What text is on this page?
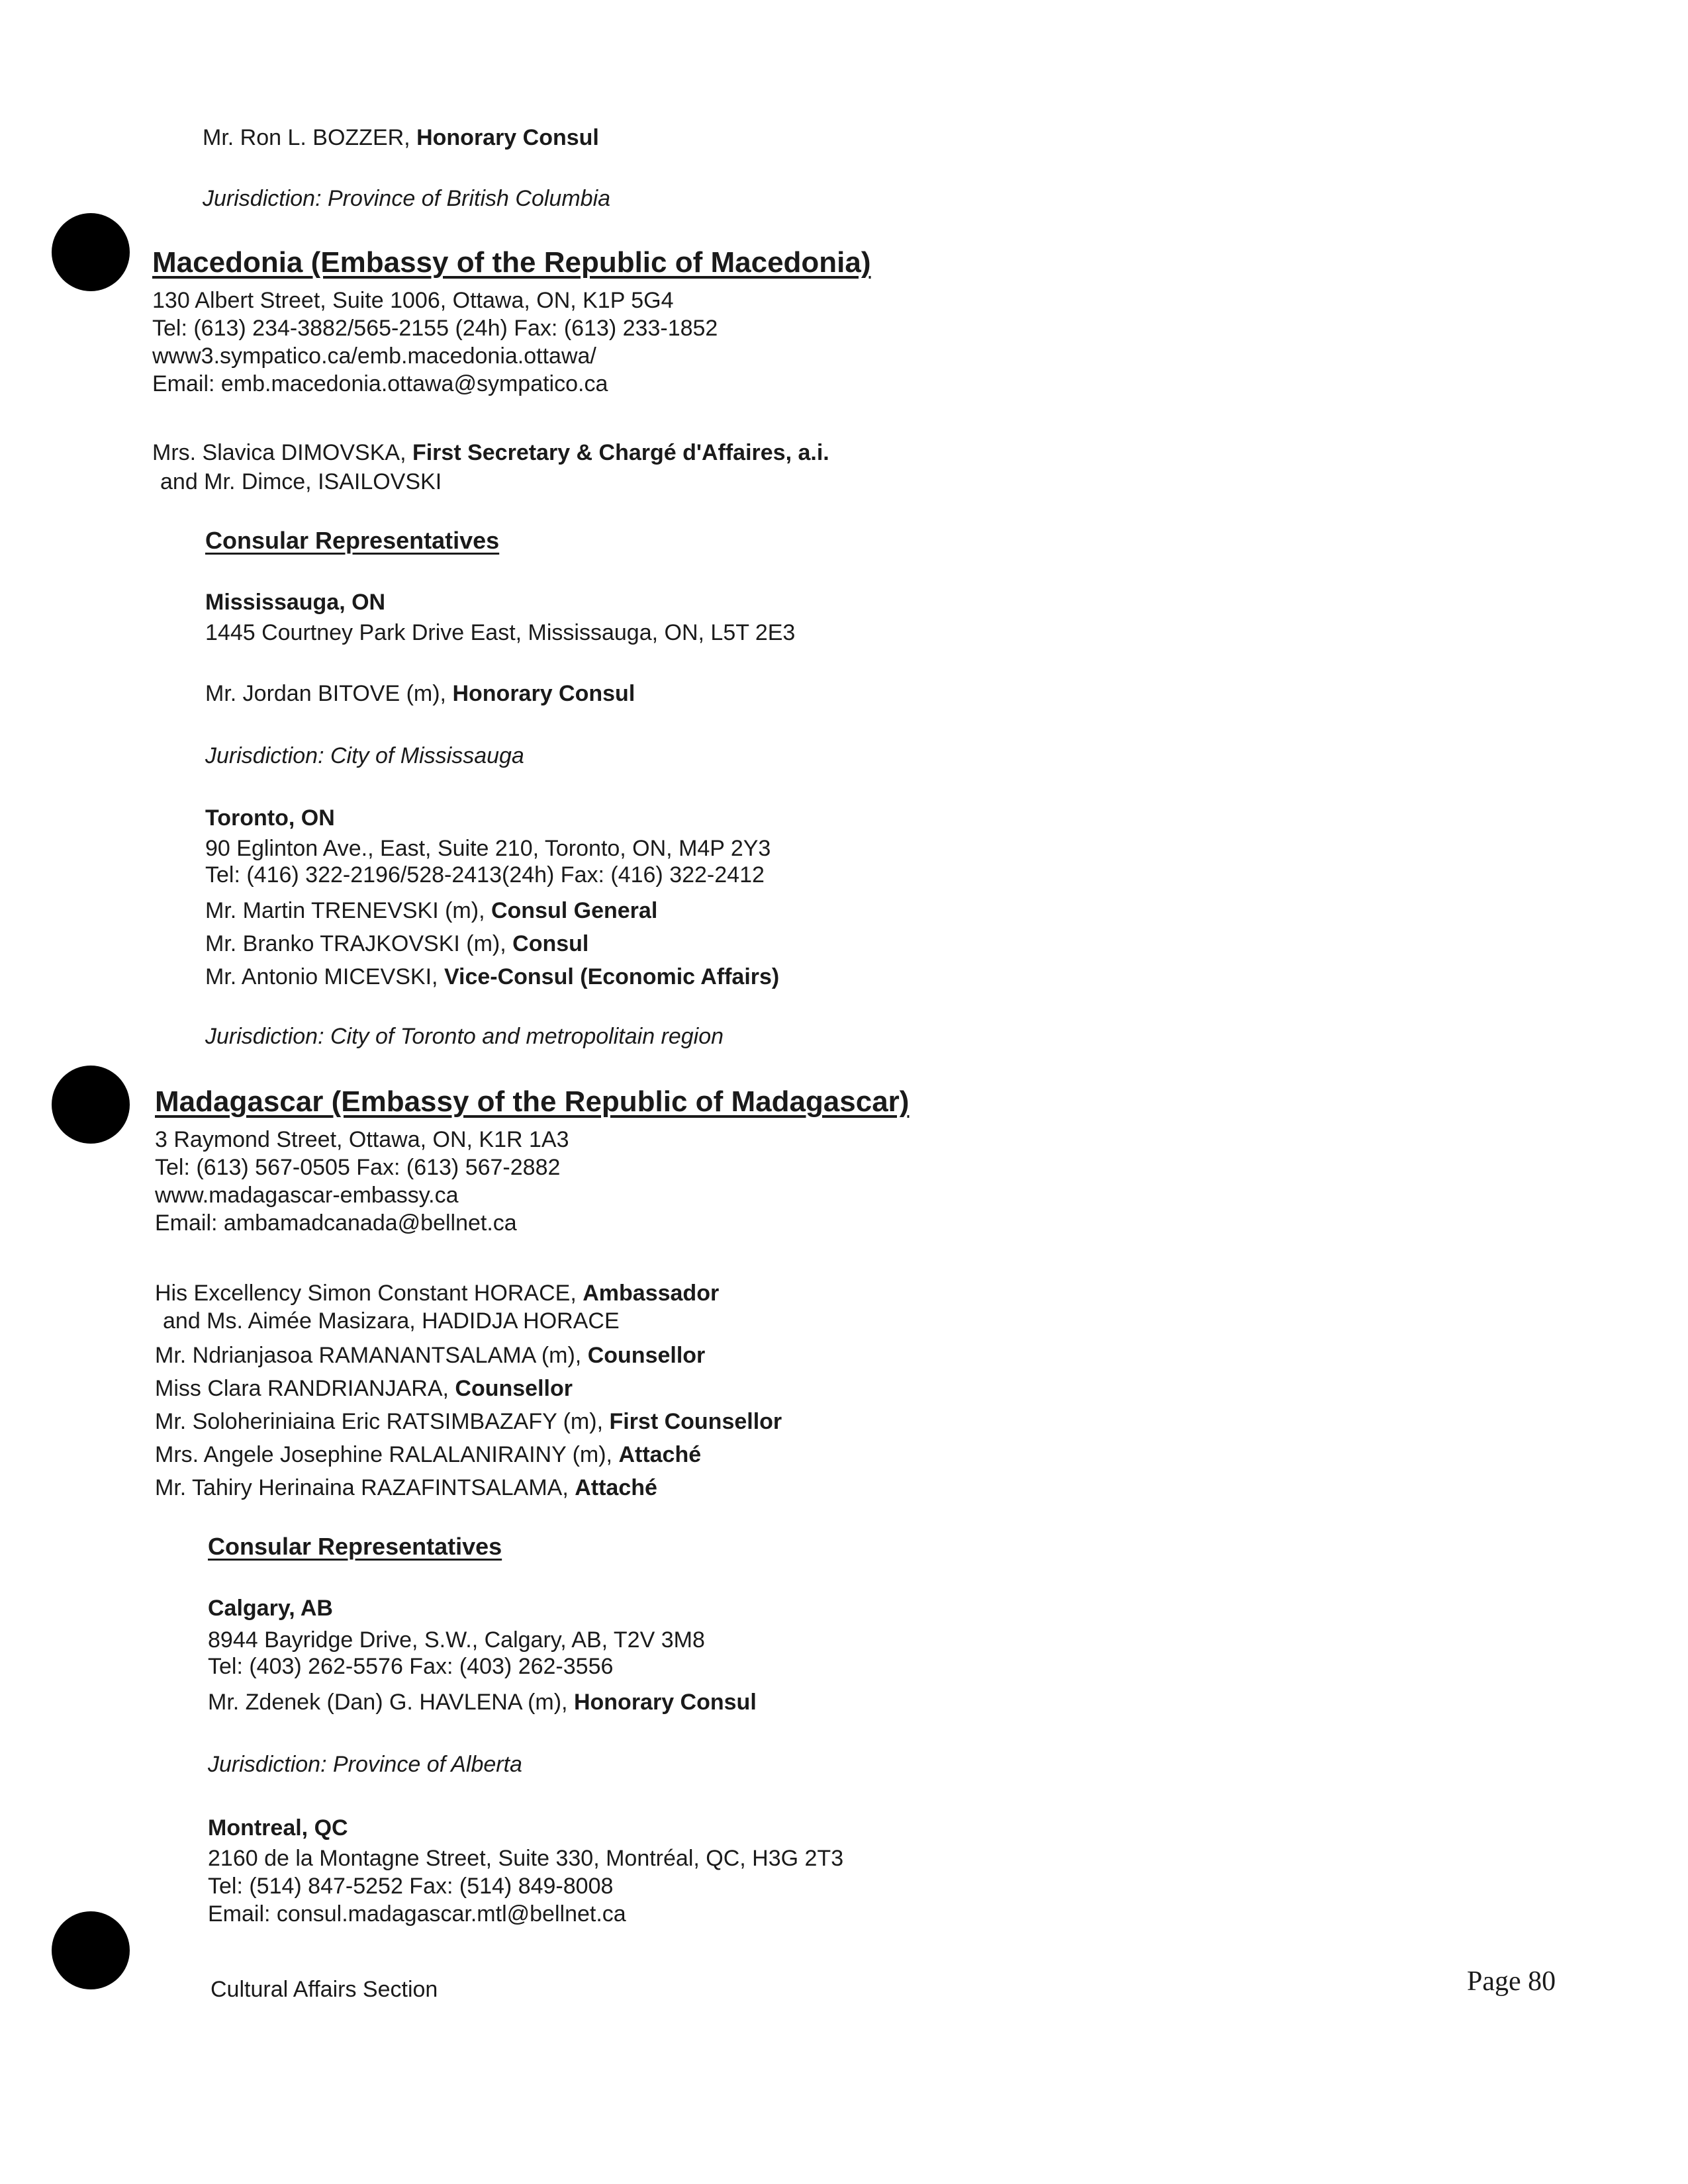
Mr. Ron L. BOZZER, Honorary Consul
Jurisdiction: Province of British Columbia
Macedonia (Embassy of the Republic of Macedonia)
130 Albert Street, Suite 1006, Ottawa, ON, K1P 5G4
Tel: (613) 234-3882/565-2155 (24h) Fax: (613) 233-1852
www3.sympatico.ca/emb.macedonia.ottawa/
Email: emb.macedonia.ottawa@sympatico.ca
Mrs. Slavica DIMOVSKA, First Secretary & Chargé d'Affaires, a.i.
and Mr. Dimce, ISAILOVSKI
Consular Representatives
Mississauga, ON
1445 Courtney Park Drive East, Mississauga, ON, L5T 2E3
Mr. Jordan BITOVE (m), Honorary Consul
Jurisdiction: City of Mississauga
Toronto, ON
90 Eglinton Ave., East, Suite 210, Toronto, ON, M4P 2Y3
Tel: (416) 322-2196/528-2413(24h) Fax: (416) 322-2412
Mr. Martin TRENEVSKI (m), Consul General
Mr. Branko TRAJKOVSKI (m), Consul
Mr. Antonio MICEVSKI, Vice-Consul (Economic Affairs)
Jurisdiction: City of Toronto and metropolitain region
Madagascar (Embassy of the Republic of Madagascar)
3 Raymond Street, Ottawa, ON, K1R 1A3
Tel: (613) 567-0505 Fax: (613) 567-2882
www.madagascar-embassy.ca
Email: ambamadcanada@bellnet.ca
His Excellency Simon Constant HORACE, Ambassador
and Ms. Aimée Masizara, HADIDJA HORACE
Mr. Ndrianjasoa RAMANANTSALAMA (m), Counsellor
Miss Clara RANDRIANJARA, Counsellor
Mr. Soloheriniaina Eric RATSIMBAZAFY (m), First Counsellor
Mrs. Angele Josephine RALALANIRAINY (m), Attaché
Mr. Tahiry Herinaina RAZAFINTSALAMA, Attaché
Consular Representatives
Calgary, AB
8944 Bayridge Drive, S.W., Calgary, AB, T2V 3M8
Tel: (403) 262-5576 Fax: (403) 262-3556
Mr. Zdenek (Dan) G. HAVLENA (m), Honorary Consul
Jurisdiction: Province of Alberta
Montreal, QC
2160 de la Montagne Street, Suite 330, Montréal, QC, H3G 2T3
Tel: (514) 847-5252 Fax: (514) 849-8008
Email: consul.madagascar.mtl@bellnet.ca
Cultural Affairs Section	Page 80
